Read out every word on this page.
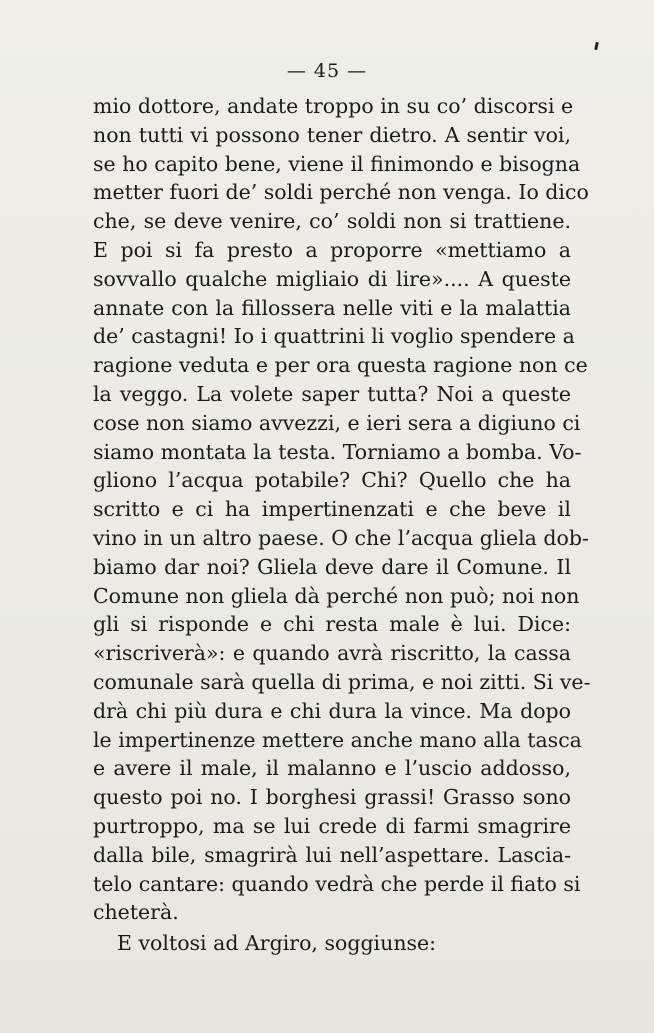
— 45 —
mio dottore, andate troppo in su co’ discorsi e
non tutti vi possono tener dietro. A sentir voi,
se ho capito bene, viene il finimondo e bisogna
metter fuori de’ soldi perché non venga. Io dico
che, se deve venire, co’ soldi non si trattiene.
E poi si fa presto a proporre «mettiamo a
sovvallo qualche migliaio di lire».... A queste
annate con la fillossera nelle viti e la malattia
de’ castagni! Io i quattrini li voglio spendere a
ragione veduta e per ora questa ragione non ce
la veggo. La volete saper tutta? Noi a queste
cose non siamo avvezzi, e ieri sera a digiuno ci
siamo montata la testa. Torniamo a bomba. Vo-
gliono l’acqua potabile? Chi? Quello che ha
scritto e ci ha impertinenzati e che beve il
vino in un altro paese. O che l’acqua gliela dob-
biamo dar noi? Gliela deve dare il Comune. Il
Comune non gliela dà perché non può; noi non
gli si risponde e chi resta male è lui. Dice:
«riscriverà»: e quando avrà riscritto, la cassa
comunale sarà quella di prima, e noi zitti. Si ve-
drà chi più dura e chi dura la vince. Ma dopo
le impertinenze mettere anche mano alla tasca
e avere il male, il malanno e l’uscio addosso,
questo poi no. I borghesi grassi! Grasso sono
purtroppo, ma se lui crede di farmi smagrire
dalla bile, smagrirà lui nell’aspettare. Lascia-
telo cantare: quando vedrà che perde il fiato si
cheterà.
E voltosi ad Argiro, soggiunse:
